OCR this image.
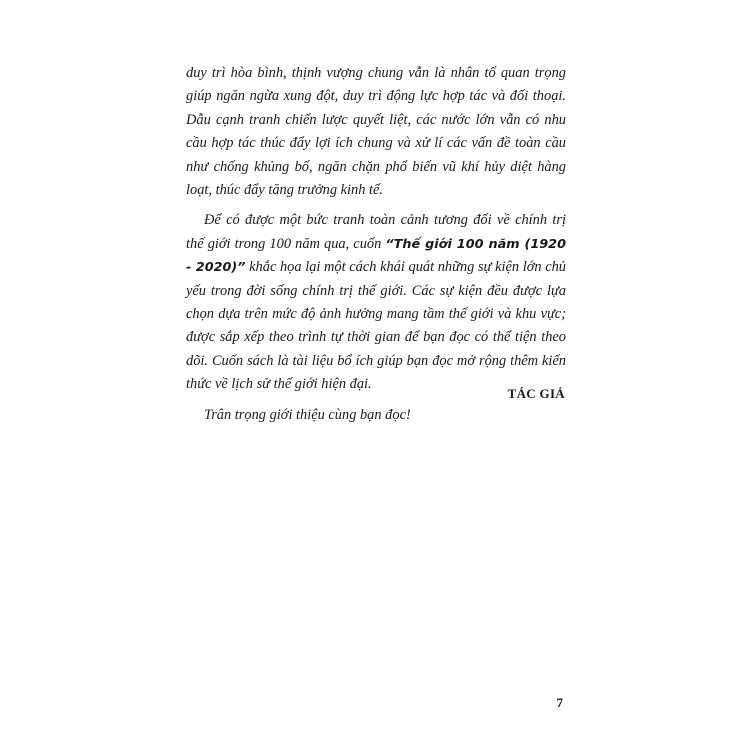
duy trì hòa bình, thịnh vượng chung vẫn là nhân tố quan trọng giúp ngăn ngừa xung đột, duy trì động lực hợp tác và đối thoại. Dẫu cạnh tranh chiến lược quyết liệt, các nước lớn vẫn có nhu cầu hợp tác thúc đẩy lợi ích chung và xử lí các vấn đề toàn cầu như chống khủng bố, ngăn chặn phổ biến vũ khí hủy diệt hàng loạt, thúc đẩy tăng trưởng kinh tế.

Để có được một bức tranh toàn cảnh tương đối về chính trị thế giới trong 100 năm qua, cuốn “Thế giới 100 năm (1920 - 2020)” khắc họa lại một cách khái quát những sự kiện lớn chủ yếu trong đời sống chính trị thế giới. Các sự kiện đều được lựa chọn dựa trên mức độ ảnh hưởng mang tầm thế giới và khu vực; được sắp xếp theo trình tự thời gian để bạn đọc có thể tiện theo dõi. Cuốn sách là tài liệu bổ ích giúp bạn đọc mở rộng thêm kiến thức về lịch sử thế giới hiện đại.

Trân trọng giới thiệu cùng bạn đọc!

TÁC GIẢ
7
